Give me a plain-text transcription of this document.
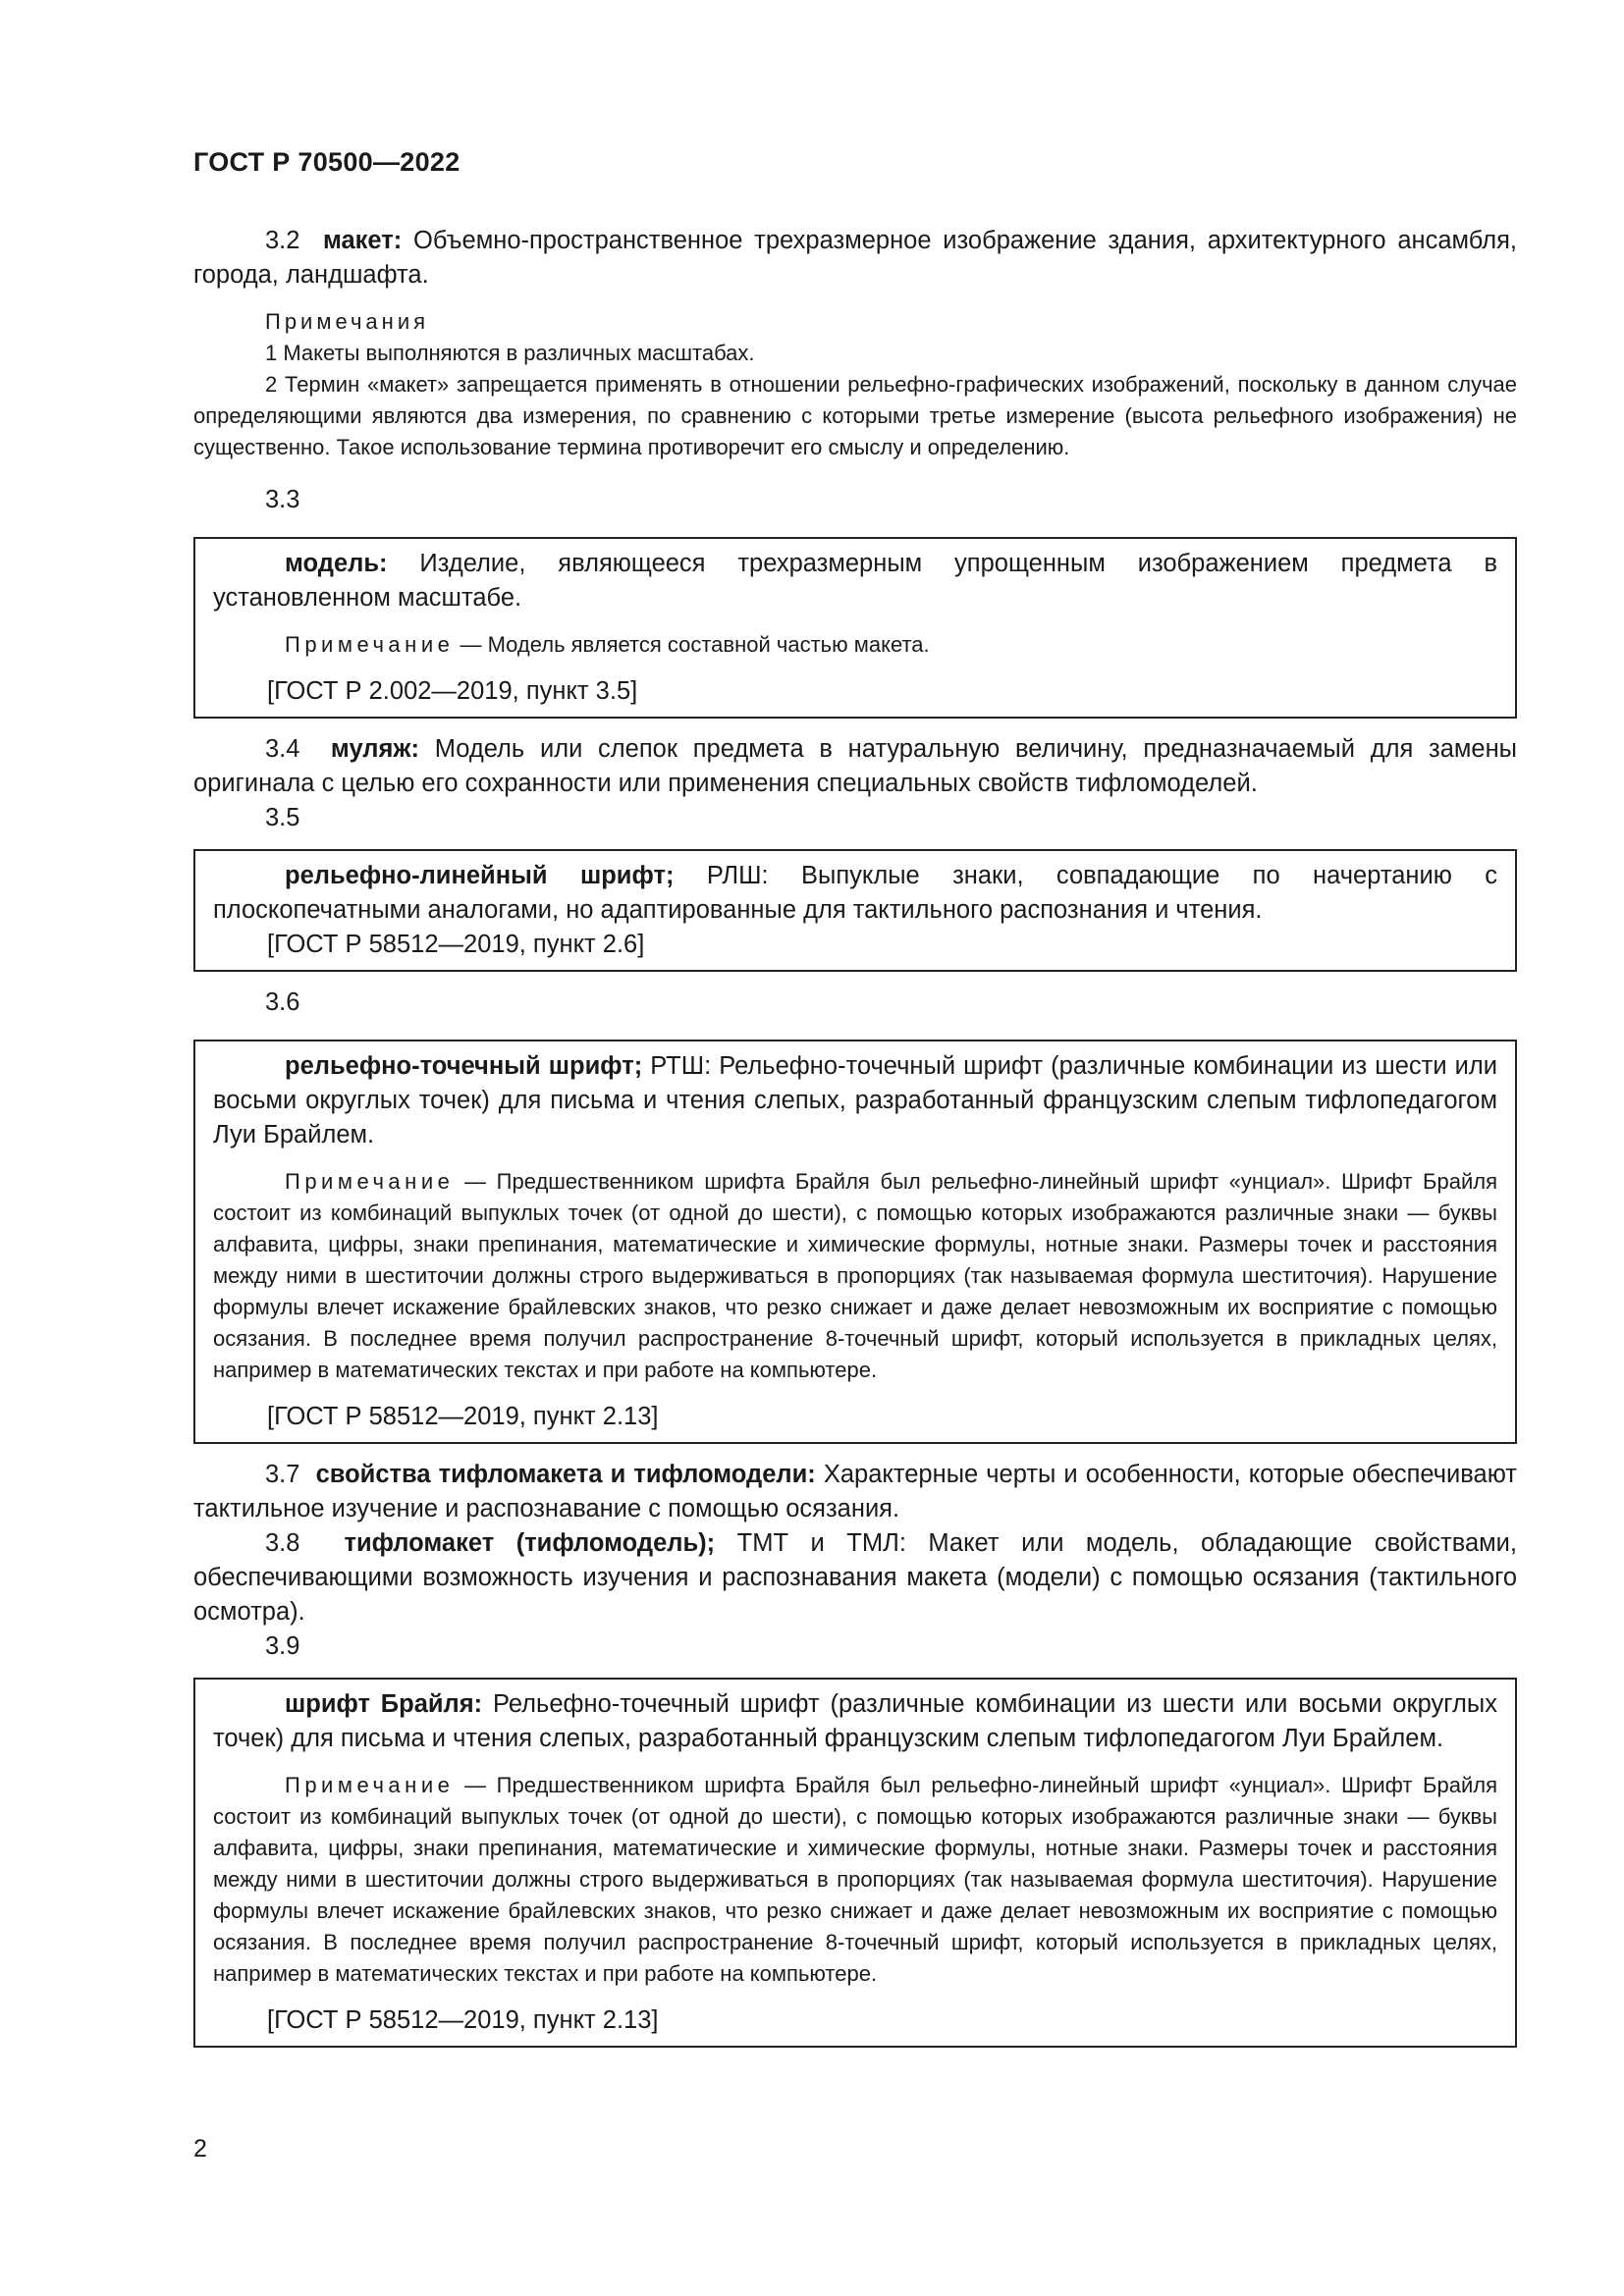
ГОСТ Р 70500—2022

3.2 макет: Объемно-пространственное трехразмерное изображение здания, архитектурного ансамбля, города, ландшафта.

Примечания

1 Макеты выполняются в различных масштабах.

2 Термин «макет» запрещается применять в отношении рельефно-графических изображений, поскольку в данном случае определяющими являются два измерения, по сравнению с которыми третье измерение (высота рельефного изображения) не существенно. Такое использование термина противоречит его смыслу и определению.

3.3

модель: Изделие, являющееся трехразмерным упрощенным изображением предмета в установленном масштабе.

Примечание — Модель является составной частью макета.

[ГОСТ Р 2.002—2019, пункт 3.5]

3.4 муляж: Модель или слепок предмета в натуральную величину, предназначаемый для замены оригинала с целью его сохранности или применения специальных свойств тифломоделей.

3.5

рельефно-линейный шрифт; РЛШ: Выпуклые знаки, совпадающие по начертанию с плоскопечатными аналогами, но адаптированные для тактильного распознания и чтения.

[ГОСТ Р 58512—2019, пункт 2.6]

3.6

рельефно-точечный шрифт; РТШ: Рельефно-точечный шрифт (различные комбинации из шести или восьми округлых точек) для письма и чтения слепых, разработанный французским слепым тифлопедагогом Луи Брайлем.

Примечание — Предшественником шрифта Брайля был рельефно-линейный шрифт «унциал». Шрифт Брайля состоит из комбинаций выпуклых точек (от одной до шести), с помощью которых изображаются различные знаки — буквы алфавита, цифры, знаки препинания, математические и химические формулы, нотные знаки. Размеры точек и расстояния между ними в шеститочии должны строго выдерживаться в пропорциях (так называемая формула шеститочия). Нарушение формулы влечет искажение брайлевских знаков, что резко снижает и даже делает невозможным их восприятие с помощью осязания. В последнее время получил распространение 8-точечный шрифт, который используется в прикладных целях, например в математических текстах и при работе на компьютере.

[ГОСТ Р 58512—2019, пункт 2.13]

3.7 свойства тифломакета и тифломодели: Характерные черты и особенности, которые обеспечивают тактильное изучение и распознавание с помощью осязания.

3.8 тифломакет (тифломодель); ТМТ и ТМЛ: Макет или модель, обладающие свойствами, обеспечивающими возможность изучения и распознавания макета (модели) с помощью осязания (тактильного осмотра).

3.9

шрифт Брайля: Рельефно-точечный шрифт (различные комбинации из шести или восьми округлых точек) для письма и чтения слепых, разработанный французским слепым тифлопедагогом Луи Брайлем.

Примечание — Предшественником шрифта Брайля был рельефно-линейный шрифт «унциал». Шрифт Брайля состоит из комбинаций выпуклых точек (от одной до шести), с помощью которых изображаются различные знаки — буквы алфавита, цифры, знаки препинания, математические и химические формулы, нотные знаки. Размеры точек и расстояния между ними в шеститочии должны строго выдерживаться в пропорциях (так называемая формула шеститочия). Нарушение формулы влечет искажение брайлевских знаков, что резко снижает и даже делает невозможным их восприятие с помощью осязания. В последнее время получил распространение 8-точечный шрифт, который используется в прикладных целях, например в математических текстах и при работе на компьютере.

[ГОСТ Р 58512—2019, пункт 2.13]

2
